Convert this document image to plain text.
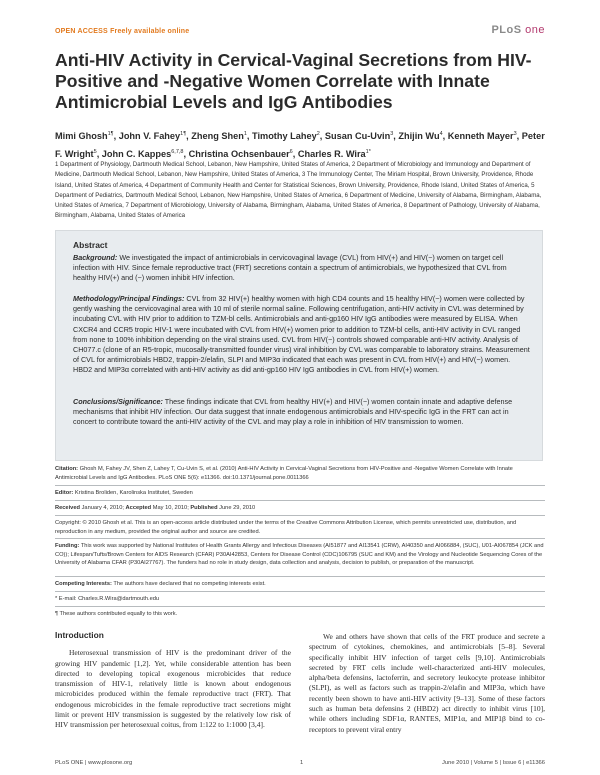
OPEN ACCESS Freely available online	PLoS one
Anti-HIV Activity in Cervical-Vaginal Secretions from HIV-Positive and -Negative Women Correlate with Innate Antimicrobial Levels and IgG Antibodies
Mimi Ghosh$^{1\P}$, John V. Fahey$^{1\P}$, Zheng Shen$^1$, Timothy Lahey$^2$, Susan Cu-Uvin$^3$, Zhijin Wu$^4$, Kenneth Mayer$^3$, Peter F. Wright$^5$, John C. Kappes$^{6,7,8}$, Christina Ochsenbauer$^6$, Charles R. Wira$^{1*}$
1 Department of Physiology, Dartmouth Medical School, Lebanon, New Hampshire, United States of America, 2 Department of Microbiology and Immunology and Department of Medicine, Dartmouth Medical School, Lebanon, New Hampshire, United States of America, 3 The Immunology Center, The Miriam Hospital, Brown University, Providence, Rhode Island, United States of America, 4 Department of Community Health and Center for Statistical Sciences, Brown University, Providence, Rhode Island, United States of America, 5 Department of Pediatrics, Dartmouth Medical School, Lebanon, New Hampshire, United States of America, 6 Department of Medicine, University of Alabama, Birmingham, Alabama, United States of America, 7 Department of Microbiology, University of Alabama, Birmingham, Alabama, United States of America, 8 Department of Pathology, University of Alabama, Birmingham, Alabama, United States of America
Abstract

Background: We investigated the impact of antimicrobials in cervicovaginal lavage (CVL) from HIV(+) and HIV(−) women on target cell infection with HIV. Since female reproductive tract (FRT) secretions contain a spectrum of antimicrobials, we hypothesized that CVL from healthy HIV(+) and (−) women inhibit HIV infection.

Methodology/Principal Findings: CVL from 32 HIV(+) healthy women with high CD4 counts and 15 healthy HIV(−) women were collected by gently washing the cervicovaginal area with 10 ml of sterile normal saline. Following centrifugation, anti-HIV activity in CVL was determined by incubating CVL with HIV prior to addition to TZM-bl cells. Antimicrobials and anti-gp160 HIV IgG antibodies were measured by ELISA. When CXCR4 and CCR5 tropic HIV-1 were incubated with CVL from HIV(+) women prior to addition to TZM-bl cells, anti-HIV activity in CVL ranged from none to 100% inhibition depending on the viral strains used. CVL from HIV(−) controls showed comparable anti-HIV activity. Analysis of CH077.c (clone of an R5-tropic, mucosally-transmitted founder virus) viral inhibition by CVL was comparable to laboratory strains. Measurement of CVL for antimicrobials HBD2, trappin-2/elafin, SLPI and MIP3α indicated that each was present in CVL from HIV(+) and HIV(−) women. HBD2 and MIP3α correlated with anti-HIV activity as did anti-gp160 HIV IgG antibodies in CVL from HIV(+) women.

Conclusions/Significance: These findings indicate that CVL from healthy HIV(+) and HIV(−) women contain innate and adaptive defense mechanisms that inhibit HIV infection. Our data suggest that innate endogenous antimicrobials and HIV-specific IgG in the FRT can act in concert to contribute toward the anti-HIV activity of the CVL and may play a role in inhibition of HIV transmission to women.

Citation: Ghosh M, Fahey JV, Shen Z, Lahey T, Cu-Uvin S, et al. (2010) Anti-HIV Activity in Cervical-Vaginal Secretions from HIV-Positive and -Negative Women Correlate with Innate Antimicrobial Levels and IgG Antibodies. PLoS ONE 5(6): e11366. doi:10.1371/journal.pone.0011366

Editor: Kristina Broliden, Karolinska Institutet, Sweden

Received January 4, 2010; Accepted May 10, 2010; Published June 29, 2010

Copyright: © 2010 Ghosh et al. This is an open-access article distributed under the terms of the Creative Commons Attribution License, which permits unrestricted use, distribution, and reproduction in any medium, provided the original author and source are credited.

Funding: This work was supported by National Institutes of Health Grants Allergy and Infectious Diseases (AI51877 and AI13541 (CRW), AI40350 and AI066884, (SUC), U01-AI067854 (JCK and CO)); Lifespan/Tufts/Brown Centers for AIDS Research (CFAR) P30AI42853, Centers for Disease Control (CDC)106795 (SUC and KM) and the Virology and Nucleotide Sequencing Cores of the University of Alabama CFAR (P30AI27767). The funders had no role in study design, data collection and analysis, decision to publish, or preparation of the manuscript.

Competing Interests: The authors have declared that no competing interests exist.

* E-mail: Charles.R.Wira@dartmouth.edu

¶ These authors contributed equally to this work.

Introduction

Heterosexual transmission of HIV is the predominant driver of the growing HIV pandemic [1,2]. Yet, while considerable attention has been directed to developing topical exogenous microbicides that reduce transmission of HIV-1, relatively little is known about endogenous microbicides produced within the female reproductive tract (FRT). That endogenous microbicides in the female reproductive tract secretions might limit or prevent HIV transmission is suggested by the relatively low risk of HIV transmission per heterosexual coitus, from 1:122 to 1:1000 [3,4].

We and others have shown that cells of the FRT produce and secrete a spectrum of cytokines, chemokines, and antimicrobials [5–8]. Several specifically inhibit HIV infection of target cells [9,10]. Antimicrobials secreted by FRT cells include well-characterized anti-HIV molecules, alpha/beta defensins, lactoferrin, and secretory leukocyte protease inhibitor (SLPI), as well as factors such as trappin-2/elafin and MIP3α, which have recently been shown to have anti-HIV activity [9–13]. Some of these factors such as human beta defensins 2 (HBD2) act directly to inhibit virus [10], while others including SDF1α, RANTES, MIP1α, and MIP1β bind to co-receptors to prevent viral entry

PLoS ONE | www.plosone.org	1	June 2010 | Volume 5 | Issue 6 | e11366
